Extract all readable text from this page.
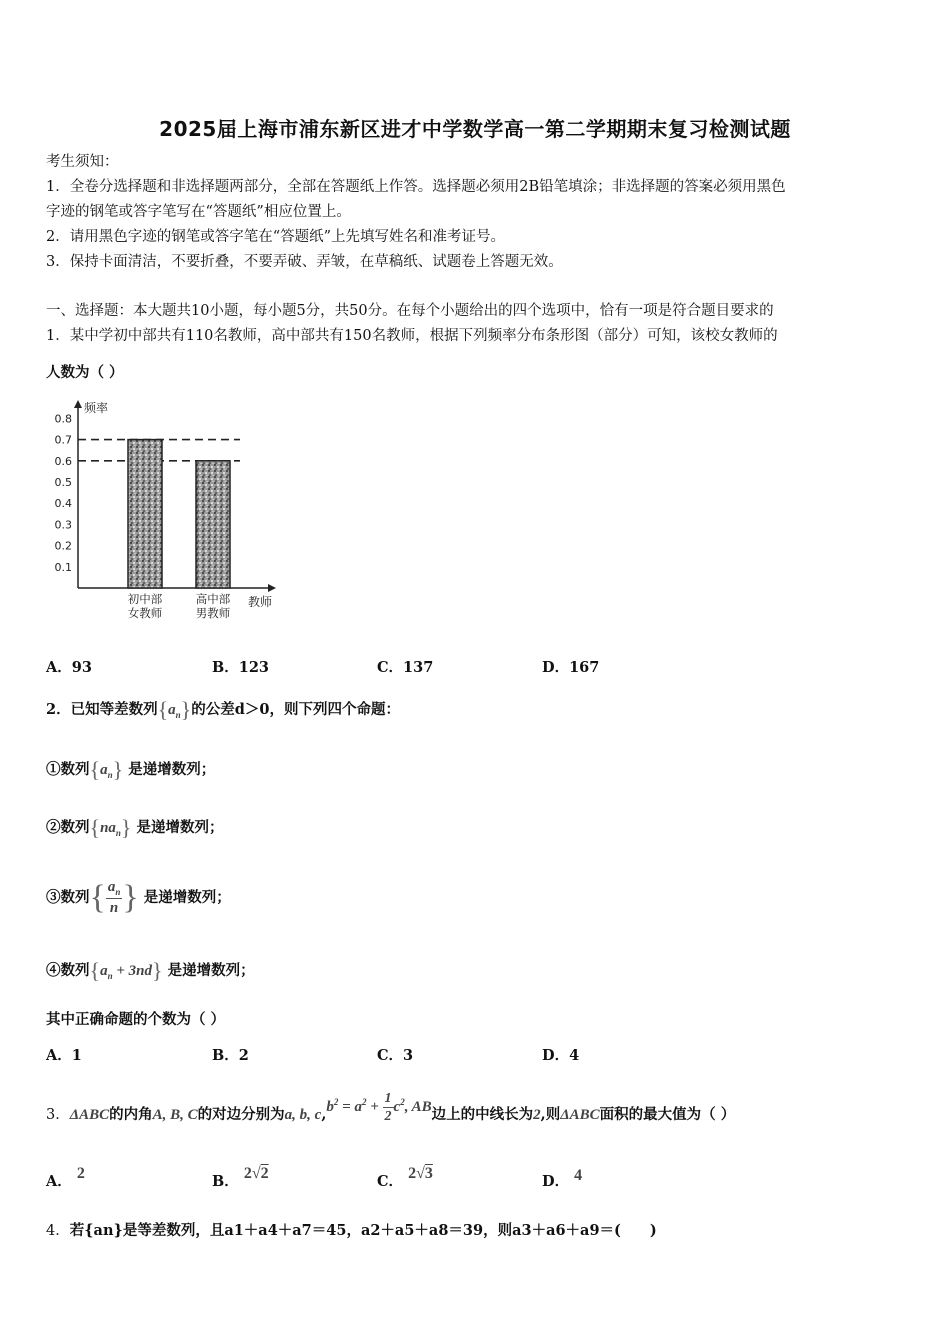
2025届上海市浦东新区进才中学数学高一第二学期期末复习检测试题
考生须知：
1．全卷分选择题和非选择题两部分，全部在答题纸上作答。选择题必须用2B铅笔填涂；非选择题的答案必须用黑色
字迹的钢笔或答字笔写在“答题纸”相应位置上。
2．请用黑色字迹的钢笔或答字笔在“答题纸”上先填写姓名和准考证号。
3．保持卡面清洁，不要折叠，不要弄破、弄皱，在草稿纸、试题卷上答题无效。
一、选择题：本大题共10小题，每小题5分，共50分。在每个小题给出的四个选项中，恰有一项是符合题目要求的
1．某中学初中部共有110名教师，高中部共有150名教师，根据下列频率分布条形图（部分）可知，该校女教师的
人数为（ ）
频率
0.1
0.2
0.3
0.4
0.5
0.6
0.7
0.8
初中部
女教师
高中部
男教师
教师
A．93	B．123	C．137	D．167
2．已知等差数列$\{a_n\}$的公差d＞0，则下列四个命题：
①数列$\{a_n\}$ 是递增数列；
②数列$\{na_n\}$ 是递增数列；
③数列{ $\frac{a_n}{n}$ } 是递增数列；
④数列$\{a_n + 3nd\}$ 是递增数列；
其中正确命题的个数为（ ）
A．1	B．2	C．3	D．4
3．ΔABC的内角A, B, C的对边分别为a, b, $c,b^2 = a^2 + \frac{1}{2} c^2$, AB边上的中线长为2,则ΔABC面积的最大值为（ ）
A． 2	B． 2√2	C． 2√3	D． 4
4．若{an}是等差数列，且a1＋a4＋a7＝45，a2＋a5＋a8＝39，则a3＋a6＋a9＝(　　)
